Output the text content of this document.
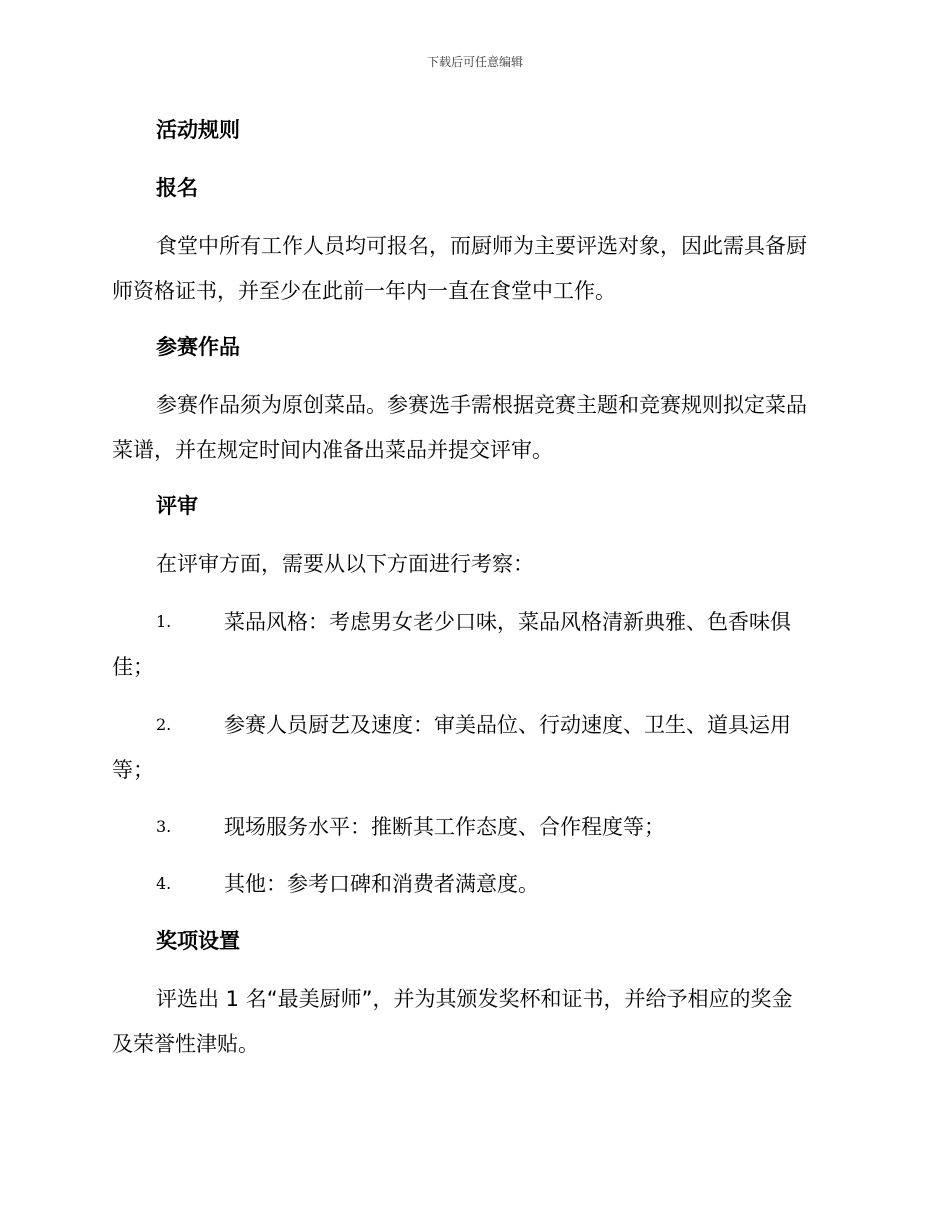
下载后可任意编辑
活动规则
报名
食堂中所有工作人员均可报名，而厨师为主要评选对象，因此需具备厨
师资格证书，并至少在此前一年内一直在食堂中工作。
参赛作品
参赛作品须为原创菜品。参赛选手需根据竞赛主题和竞赛规则拟定菜品
菜谱，并在规定时间内准备出菜品并提交评审。
评审
在评审方面，需要从以下方面进行考察：
1.	菜品风格：考虑男女老少口味，菜品风格清新典雅、色香味俱
佳；
2.	参赛人员厨艺及速度：审美品位、行动速度、卫生、道具运用
等；
3.	现场服务水平：推断其工作态度、合作程度等；
4.	其他：参考口碑和消费者满意度。
奖项设置
评选出 1 名“最美厨师”，并为其颁发奖杯和证书，并给予相应的奖金
及荣誉性津贴。
